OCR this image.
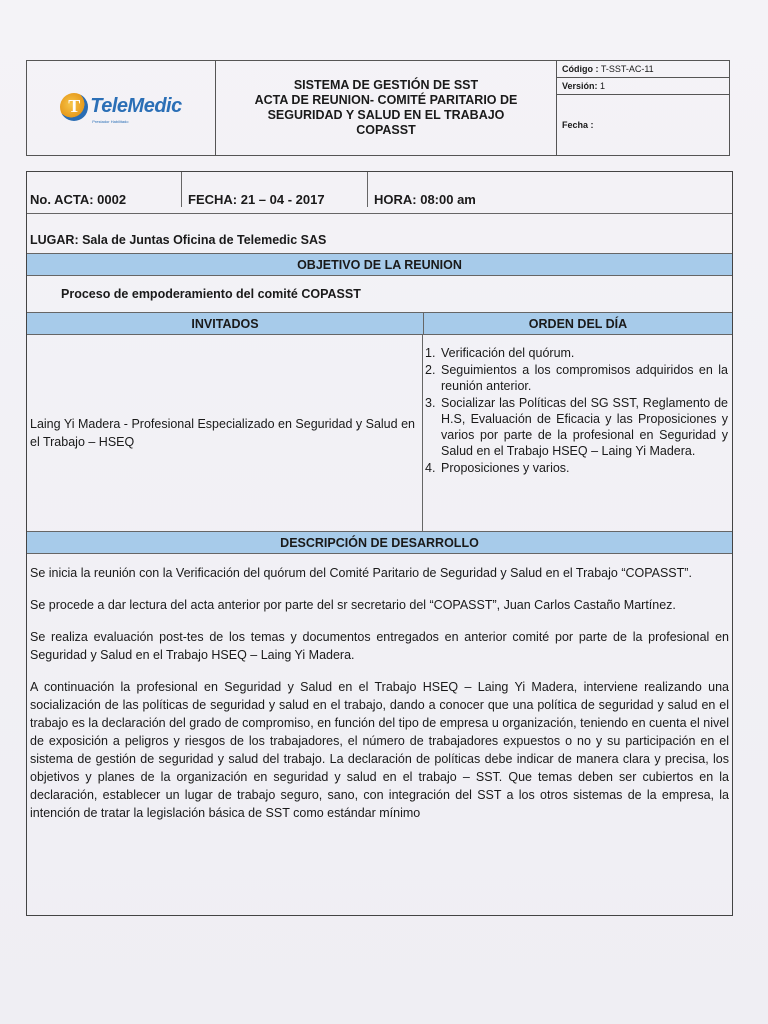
T TeleMedic
Prestador Habilitado
SISTEMA DE GESTIÓN DE SST
ACTA DE REUNION- COMITÉ PARITARIO DE
SEGURIDAD Y SALUD EN EL TRABAJO
COPASST
Código : T-SST-AC-11
Versión: 1
Fecha :
No. ACTA: 0002	FECHA: 21 – 04 - 2017	HORA: 08:00 am
LUGAR: Sala de Juntas Oficina de Telemedic SAS
OBJETIVO DE LA REUNION
Proceso de empoderamiento del comité COPASST
INVITADOS	ORDEN DEL DÍA
Laing Yi Madera - Profesional Especializado en Seguridad y Salud en el Trabajo – HSEQ
1. Verificación del quórum.
2. Seguimientos a los compromisos adquiridos en la reunión anterior.
3. Socializar las Políticas del SG SST, Reglamento de H.S, Evaluación de Eficacia y las Proposiciones y varios por parte de la profesional en Seguridad y Salud en el Trabajo HSEQ – Laing Yi Madera.
4. Proposiciones y varios.
DESCRIPCIÓN DE DESARROLLO

Se inicia la reunión con la Verificación del quórum del Comité Paritario de Seguridad y Salud en el Trabajo “COPASST”.

Se procede a dar lectura del acta anterior por parte del sr secretario del “COPASST”, Juan Carlos Castaño Martínez.

Se realiza evaluación post-tes de los temas y documentos entregados en anterior comité por parte de la profesional en Seguridad y Salud en el Trabajo HSEQ – Laing Yi Madera.

A continuación la profesional en Seguridad y Salud en el Trabajo HSEQ – Laing Yi Madera, interviene realizando una socialización de las políticas de seguridad y salud en el trabajo, dando a conocer que una política de seguridad y salud en el trabajo es la declaración del grado de compromiso, en función del tipo de empresa u organización, teniendo en cuenta el nivel de exposición a peligros y riesgos de los trabajadores, el número de trabajadores expuestos o no y su participación en el sistema de gestión de seguridad y salud del trabajo. La declaración de políticas debe indicar de manera clara y precisa, los objetivos y planes de la organización en seguridad y salud en el trabajo – SST. Que temas deben ser cubiertos en la declaración, establecer un lugar de trabajo seguro, sano, con integración del SST a los otros sistemas de la empresa, la intención de tratar la legislación básica de SST como estándar mínimo
